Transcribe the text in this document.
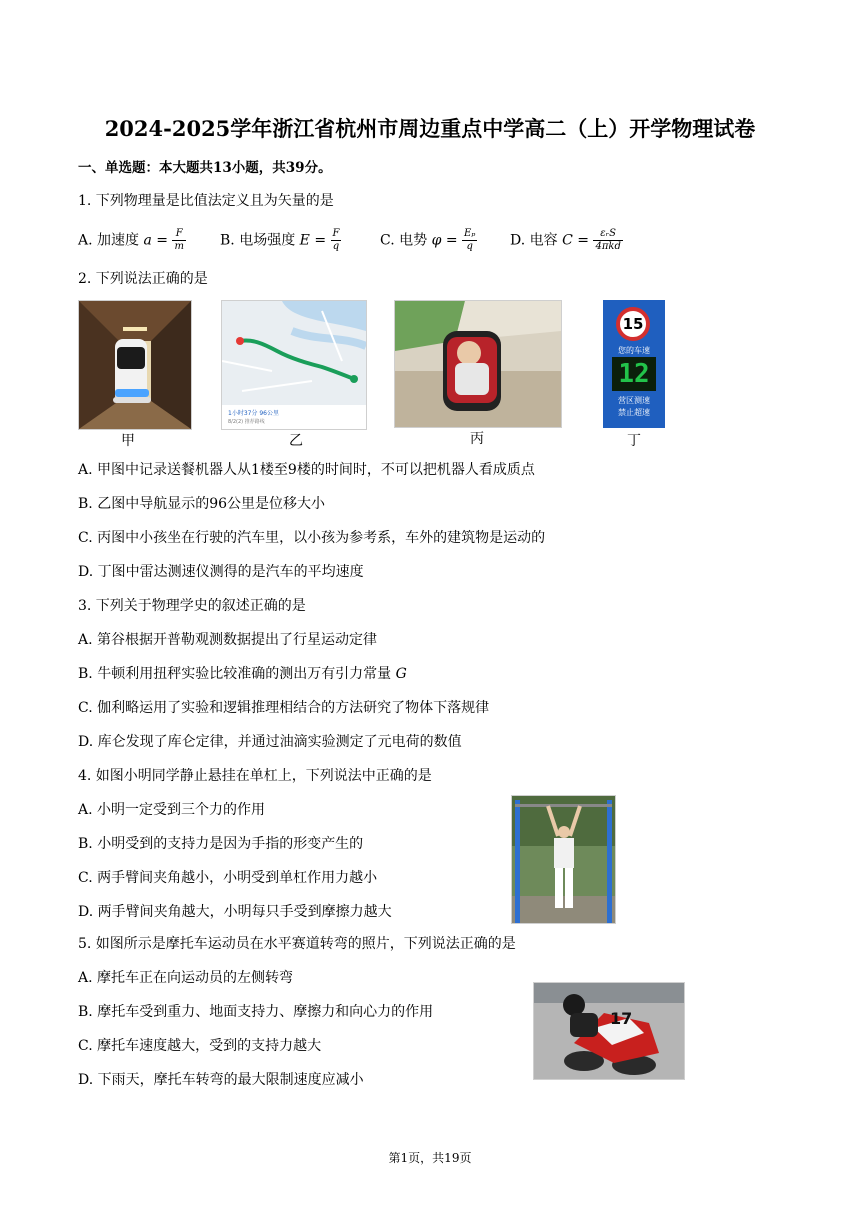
2024-2025学年浙江省杭州市周边重点中学高二（上）开学物理试卷
一、单选题：本大题共13小题，共39分。
1. 下列物理量是比值法定义且为矢量的是
A. 加速度 $a = \frac{F}{m} B$. 电场强度 $E = \frac{F}{q}$	C. 电势 $\varphi = \frac{\text{Eₚ}}{q} D$. 电容 $C = \frac{\text{εᵣS}}{\text{4πkd}}$
2. 下列说法正确的是
甲
1小时37分 96公里
8/2(2) 推荐路线
乙	丙
15
您的车速
12
营区测速
禁止超速
丁
A. 甲图中记录送餐机器人从1楼至9楼的时间时，不可以把机器人看成质点
B. 乙图中导航显示的96公里是位移大小
C. 丙图中小孩坐在行驶的汽车里，以小孩为参考系，车外的建筑物是运动的
D. 丁图中雷达测速仪测得的是汽车的平均速度
3. 下列关于物理学史的叙述正确的是
A. 第谷根据开普勒观测数据提出了行星运动定律
B. 牛顿利用扭秤实验比较准确的测出万有引力常量 G
C. 伽利略运用了实验和逻辑推理相结合的方法研究了物体下落规律
D. 库仑发现了库仑定律，并通过油滴实验测定了元电荷的数值
4. 如图小明同学静止悬挂在单杠上，下列说法中正确的是
A. 小明一定受到三个力的作用
B. 小明受到的支持力是因为手指的形变产生的
C. 两手臂间夹角越小，小明受到单杠作用力越小
D. 两手臂间夹角越大，小明每只手受到摩擦力越大
5. 如图所示是摩托车运动员在水平赛道转弯的照片，下列说法正确的是
A. 摩托车正在向运动员的左侧转弯
B. 摩托车受到重力、地面支持力、摩擦力和向心力的作用
C. 摩托车速度越大，受到的支持力越大
D. 下雨天，摩托车转弯的最大限制速度应减小
17
第1页，共19页
